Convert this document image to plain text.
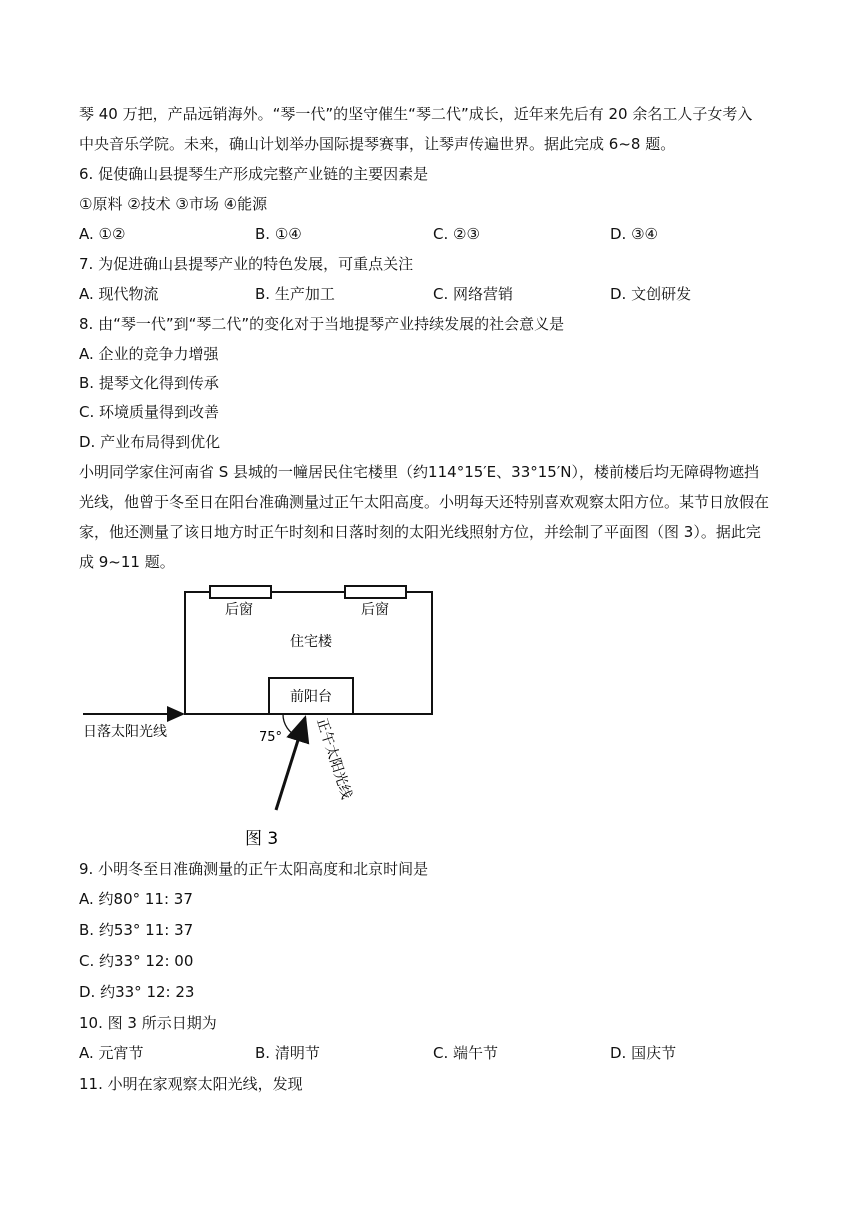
琴 40 万把，产品远销海外。“琴一代”的坚守催生“琴二代”成长，近年来先后有 20 余名工人子女考入
中央音乐学院。未来，确山计划举办国际提琴赛事，让琴声传遍世界。据此完成 6~8 题。
6. 促使确山县提琴生产形成完整产业链的主要因素是
①原料 ②技术 ③市场 ④能源
A. ①②	B. ①④	C. ②③	D. ③④
7. 为促进确山县提琴产业的特色发展，可重点关注
A. 现代物流	B. 生产加工	C. 网络营销	D. 文创研发
8. 由“琴一代”到“琴二代”的变化对于当地提琴产业持续发展的社会意义是
A. 企业的竞争力增强
B. 提琴文化得到传承
C. 环境质量得到改善
D. 产业布局得到优化
小明同学家住河南省 S 县城的一幢居民住宅楼里（约114°15′E、33°15′N），楼前楼后均无障碍物遮挡
光线，他曾于冬至日在阳台准确测量过正午太阳高度。小明每天还特别喜欢观察太阳方位。某节日放假在
家，他还测量了该日地方时正午时刻和日落时刻的太阳光线照射方位，并绘制了平面图（图 3）。据此完
成 9~11 题。
后窗	后窗
住宅楼
前阳台
日落太阳光线	正午太阳光线
75°
图 3
9. 小明冬至日准确测量的正午太阳高度和北京时间是
A. 约80° 11: 37
B. 约53° 11: 37
C. 约33° 12: 00
D. 约33° 12: 23
10. 图 3 所示日期为
A. 元宵节	B. 清明节	C. 端午节	D. 国庆节
11. 小明在家观察太阳光线，发现
